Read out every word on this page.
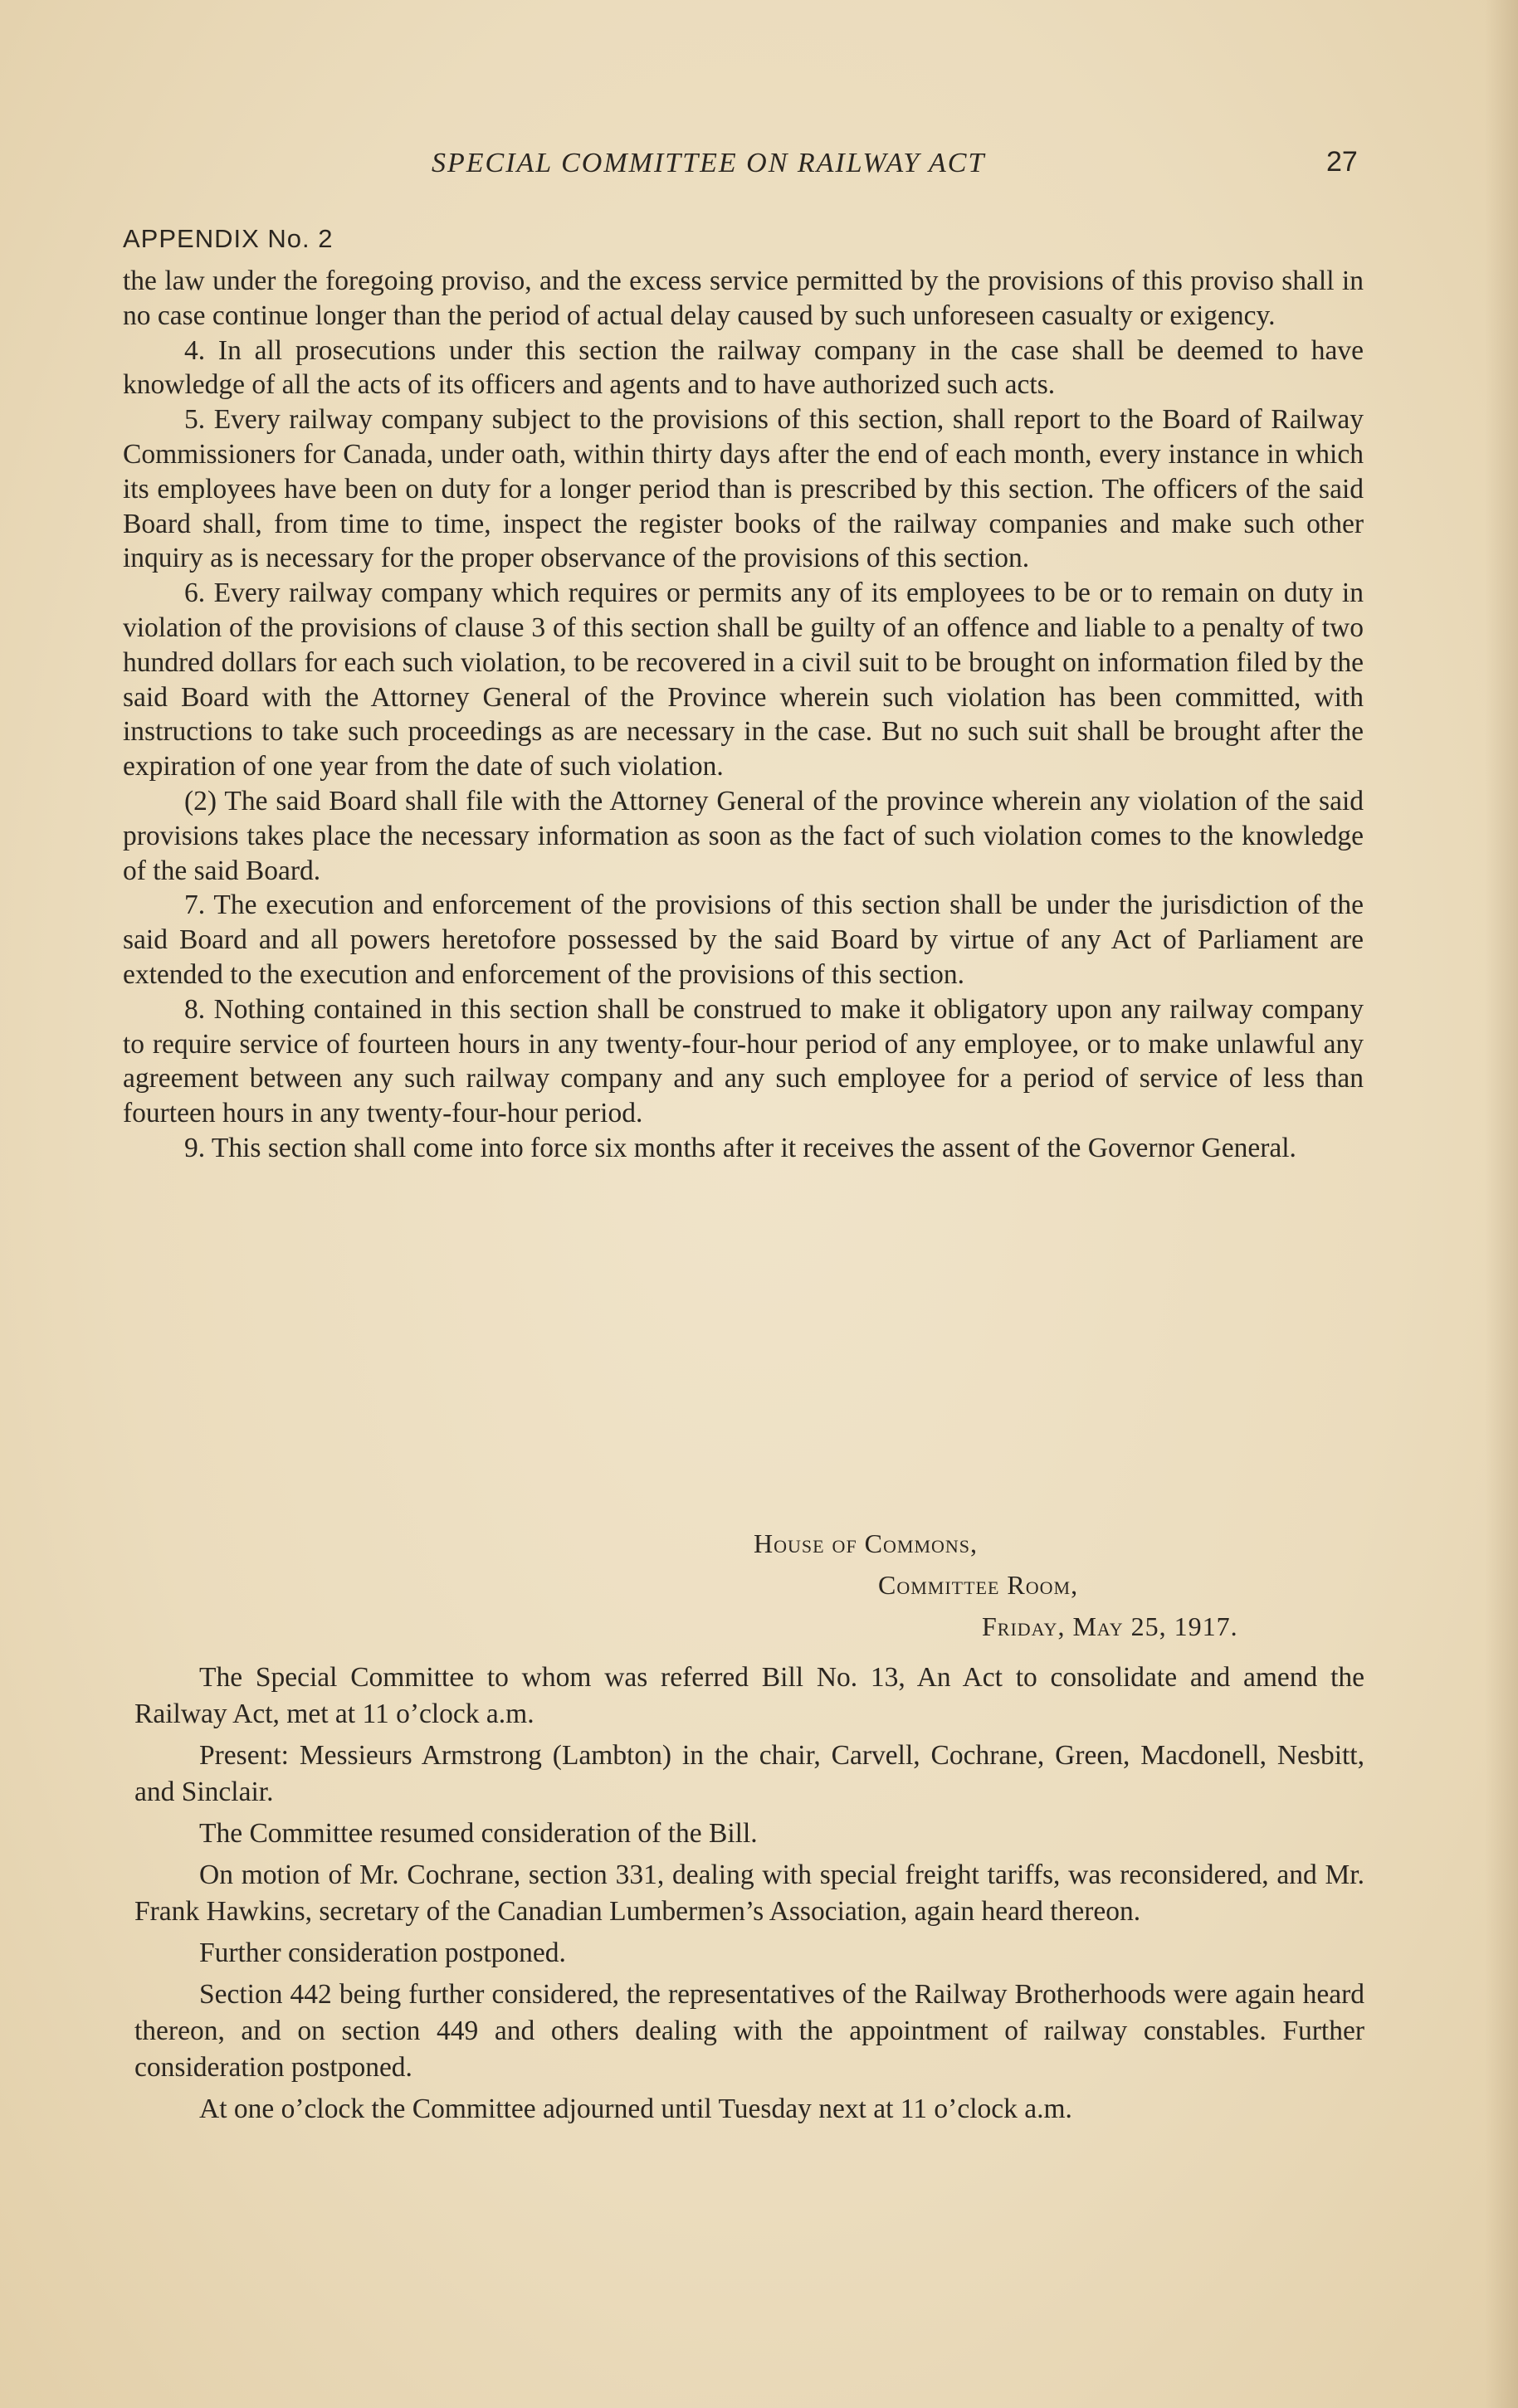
SPECIAL COMMITTEE ON RAILWAY ACT	27
APPENDIX No. 2

the law under the foregoing proviso, and the excess service permitted by the provisions of this proviso shall in no case continue longer than the period of actual delay caused by such unforeseen casualty or exigency.

4. In all prosecutions under this section the railway company in the case shall be deemed to have knowledge of all the acts of its officers and agents and to have authorized such acts.

5. Every railway company subject to the provisions of this section, shall report to the Board of Railway Commissioners for Canada, under oath, within thirty days after the end of each month, every instance in which its employees have been on duty for a longer period than is prescribed by this section. The officers of the said Board shall, from time to time, inspect the register books of the railway companies and make such other inquiry as is necessary for the proper observance of the provisions of this section.

6. Every railway company which requires or permits any of its employees to be or to remain on duty in violation of the provisions of clause 3 of this section shall be guilty of an offence and liable to a penalty of two hundred dollars for each such violation, to be recovered in a civil suit to be brought on information filed by the said Board with the Attorney General of the Province wherein such violation has been committed, with instructions to take such proceedings as are necessary in the case. But no such suit shall be brought after the expiration of one year from the date of such violation.

(2) The said Board shall file with the Attorney General of the province wherein any violation of the said provisions takes place the necessary information as soon as the fact of such violation comes to the knowledge of the said Board.

7. The execution and enforcement of the provisions of this section shall be under the jurisdiction of the said Board and all powers heretofore possessed by the said Board by virtue of any Act of Parliament are extended to the execution and enforcement of the provisions of this section.

8. Nothing contained in this section shall be construed to make it obligatory upon any railway company to require service of fourteen hours in any twenty-four-hour period of any employee, or to make unlawful any agreement between any such railway company and any such employee for a period of service of less than fourteen hours in any twenty-four-hour period.

9. This section shall come into force six months after it receives the assent of the Governor General.

House of Commons,
Committee Room,
Friday, May 25, 1917.

The Special Committee to whom was referred Bill No. 13, An Act to consolidate and amend the Railway Act, met at 11 o’clock a.m.

Present: Messieurs Armstrong (Lambton) in the chair, Carvell, Cochrane, Green, Macdonell, Nesbitt, and Sinclair.

The Committee resumed consideration of the Bill.

On motion of Mr. Cochrane, section 331, dealing with special freight tariffs, was reconsidered, and Mr. Frank Hawkins, secretary of the Canadian Lumbermen’s Association, again heard thereon.

Further consideration postponed.

Section 442 being further considered, the representatives of the Railway Brotherhoods were again heard thereon, and on section 449 and others dealing with the appointment of railway constables. Further consideration postponed.

At one o’clock the Committee adjourned until Tuesday next at 11 o’clock a.m.
